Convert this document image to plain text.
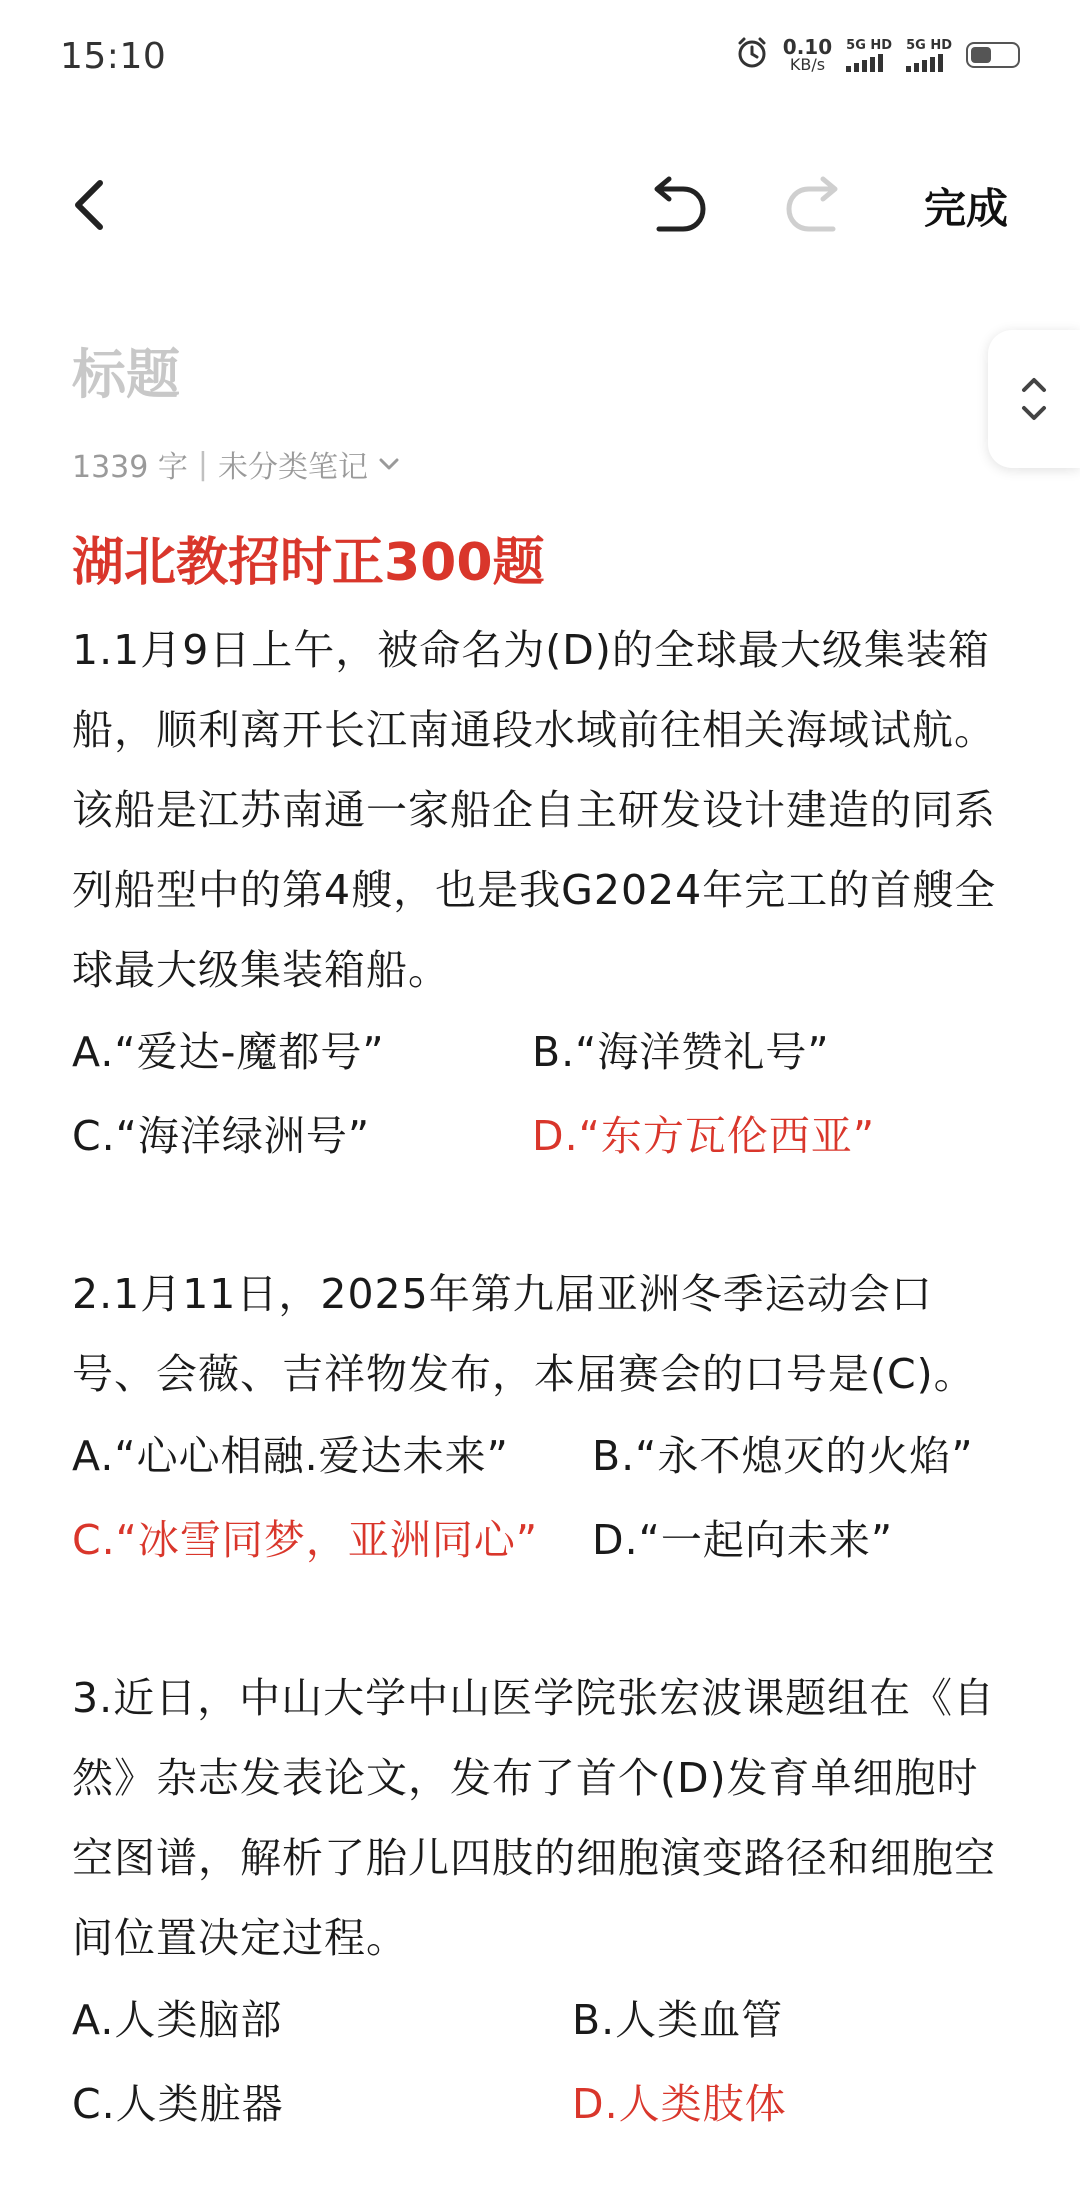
15:10	0.10
KB/s
5G HD 5G HD
完成
标题
1339 字 | 未分类笔记
湖北教招时正300题

1.1月9日上午，被命名为(D)的全球最大级集装箱船，顺利离开长江南通段水域前往相关海域试航。该船是江苏南通一家船企自主研发设计建造的同系列船型中的第4艘，也是我G2024年完工的首艘全球最大级集装箱船。

A.“爱达-魔都号”	B.“海洋赞礼号”
C.“海洋绿洲号”	D.“东方瓦伦西亚”

2.1月11日，2025年第九届亚洲冬季运动会口号、会薇、吉祥物发布，本届赛会的口号是(C)。

A.“心心相融.爱达未来”	B.“永不熄灭的火焰”
C.“冰雪同梦，亚洲同心”	D.“一起向未来”

3.近日，中山大学中山医学院张宏波课题组在《自然》杂志发表论文，发布了首个(D)发育单细胞时空图谱，解析了胎儿四肢的细胞演变路径和细胞空间位置决定过程。

A.人类脑部	B.人类血管
C.人类脏器	D.人类肢体
